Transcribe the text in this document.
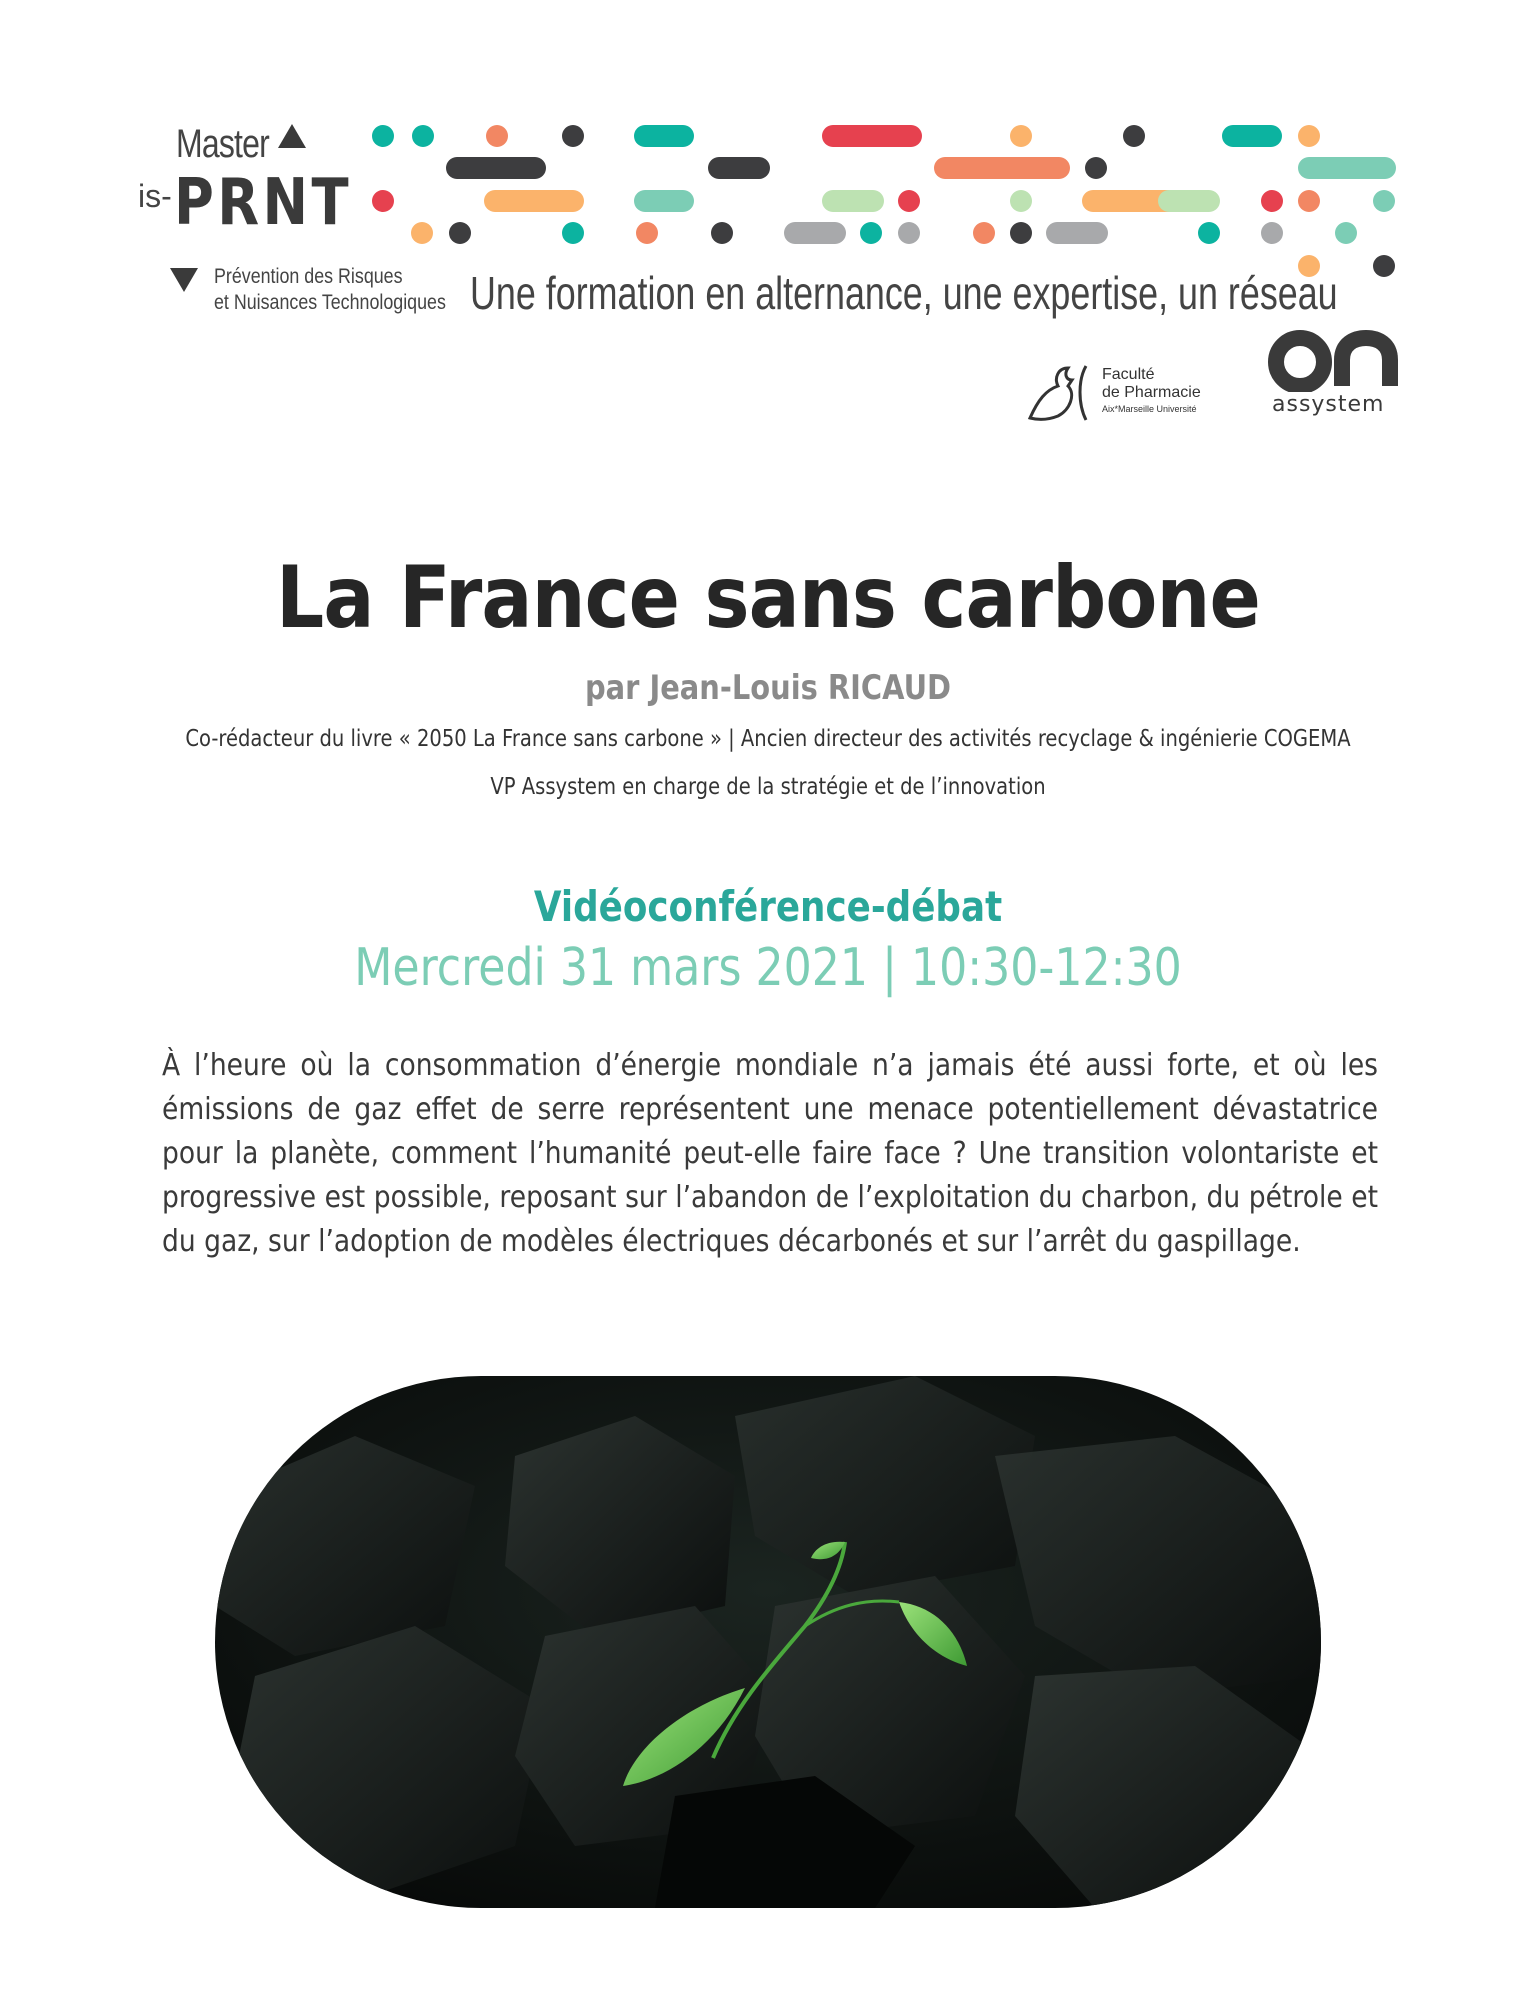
Master
is- PRNT
Prévention des Risques
et Nuisances Technologiques Une formation en alternance, une expertise, un réseau
Faculté
de Pharmacie
Aix*Marseille Université	assystem
La France sans carbone
par Jean-Louis RICAUD
Co-rédacteur du livre « 2050 La France sans carbone » | Ancien directeur des activités recyclage & ingénierie COGEMA
VP Assystem en charge de la stratégie et de l’innovation
Vidéoconférence-débat
Mercredi 31 mars 2021 | 10:30-12:30
À l’heure où la consommation d’énergie mondiale n’a jamais été aussi forte, et où les émissions de gaz effet de serre représentent une menace potentiellement dévastatrice pour la planète, comment l’humanité peut-elle faire face ? Une transition volontariste et progressive est possible, reposant sur l’abandon de l’exploitation du charbon, du pétrole et du gaz, sur l’adoption de modèles électriques décarbonés et sur l’arrêt du gaspillage.
